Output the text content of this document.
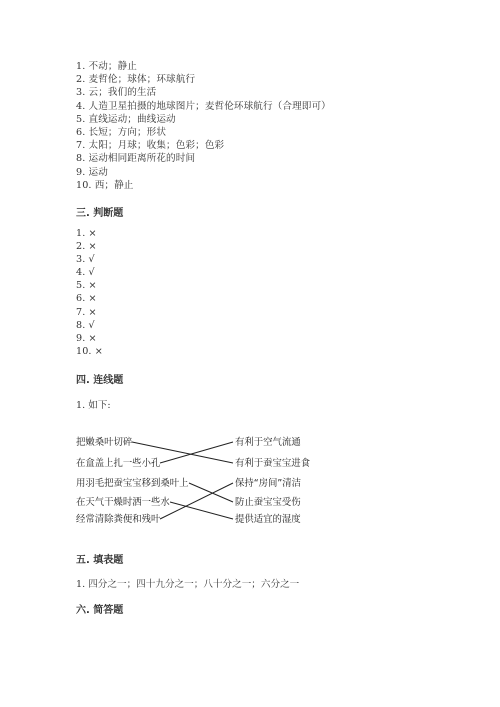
1. 不动；静止
2. 麦哲伦；球体；环球航行
3. 云；我们的生活
4. 人造卫星拍摄的地球图片；麦哲伦环球航行（合理即可）
5. 直线运动；曲线运动
6. 长短；方向；形状
7. 太阳；月球；收集；色彩；色彩
8. 运动相同距离所花的时间
9. 运动
10. 西；静止
三. 判断题
1. ×
2. ×
3. √
4. √
5. ×
6. ×
7. ×
8. √
9. ×
10. ×
四. 连线题
1. 如下:
把嫩桑叶切碎
在盒盖上扎一些小孔
用羽毛把蚕宝宝移到桑叶上
在天气干燥时洒一些水
经常清除粪便和残叶
有利于空气流通
有利于蚕宝宝进食
保持“房间”清洁
防止蚕宝宝受伤
提供适宜的湿度
五. 填表题
1. 四分之一；四十九分之一；八十分之一；六分之一
六. 简答题
